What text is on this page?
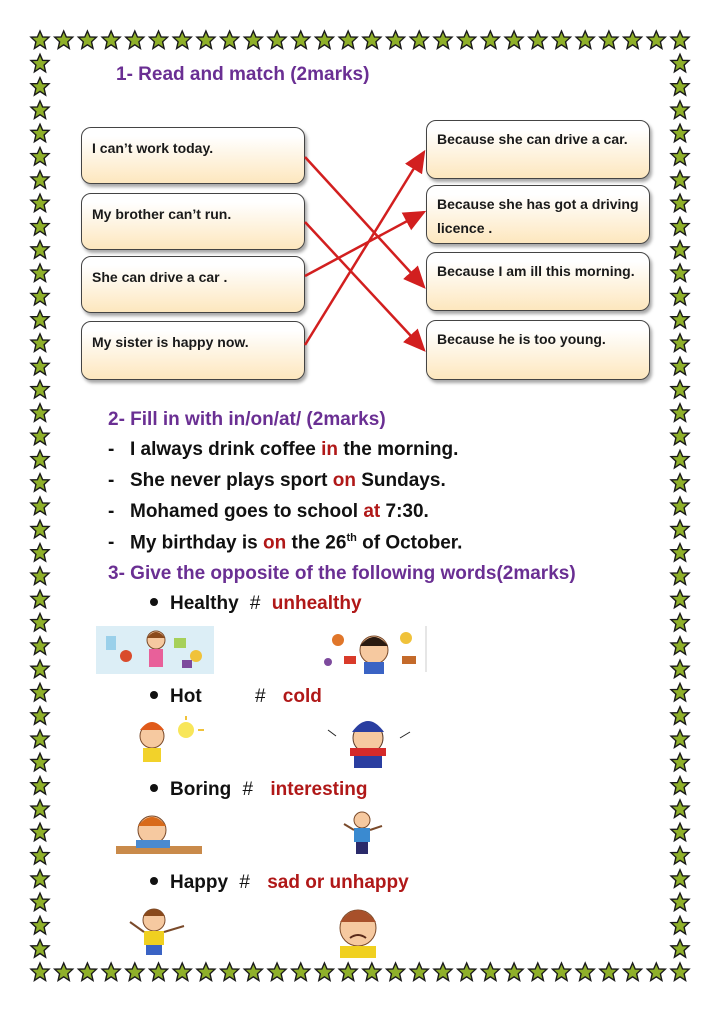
1- Read and match (2marks)
I can’t work today.
My brother can’t run.
She can drive a car .
My sister is happy now.
Because she can drive a car.
Because she has got a driving licence .
Because I am ill this morning.
Because he is too young.
2- Fill in with in/on/at/ (2marks)
- I always drink coffee in the morning.
- She never plays sport on Sundays.
- Mohamed goes to school at 7:30.
- My birthday is on the 26th of October.
3- Give the opposite of the following words(2marks)
Healthy # unhealthy
Hot	# cold
Boring # interesting
Happy # sad or unhappy
